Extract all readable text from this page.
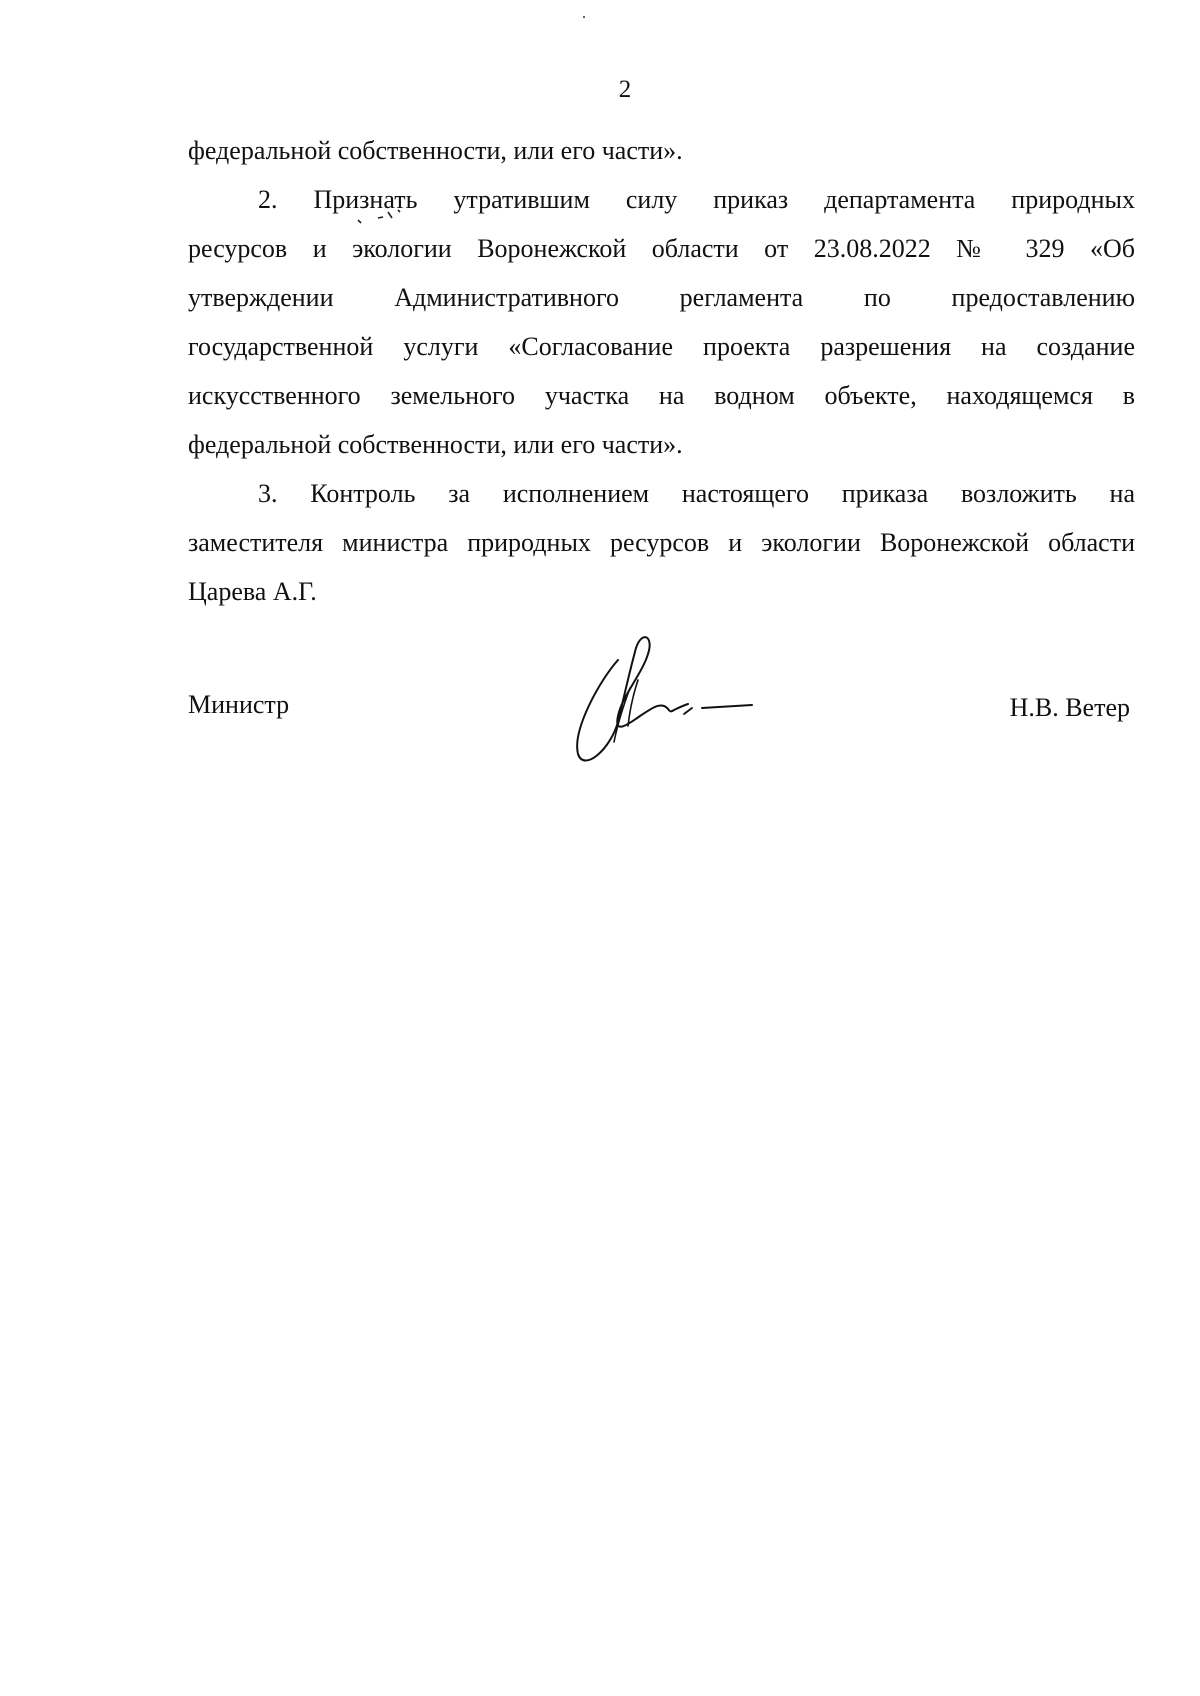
2
федеральной собственности, или его части».
2. Признать утратившим силу приказ департамента природных
ресурсов и экологии Воронежской области от 23.08.2022 № 329 «Об
утверждении Административного регламента по предоставлению
государственной услуги «Согласование проекта разрешения на создание
искусственного земельного участка на водном объекте, находящемся в
федеральной собственности, или его части».
3. Контроль за исполнением настоящего приказа возложить на
заместителя министра природных ресурсов и экологии Воронежской области
Царева А.Г.
Министр	Н.В. Ветер
